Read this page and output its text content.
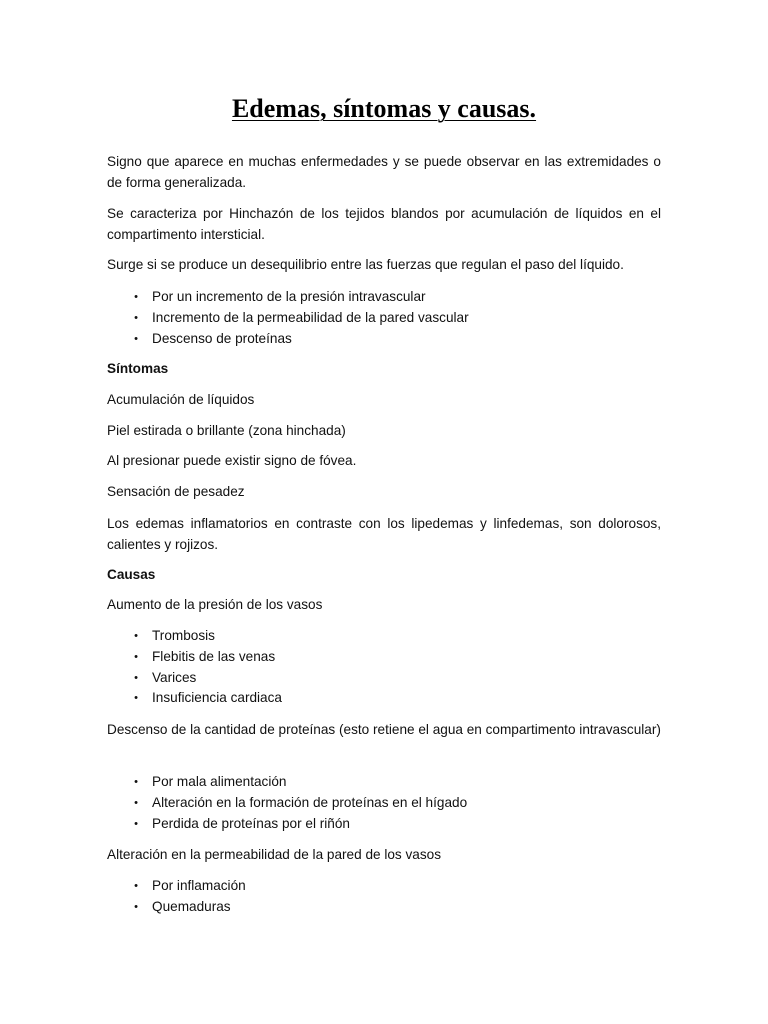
Edemas, síntomas y causas.

Signo que aparece en muchas enfermedades y se puede observar en las extremidades o de forma generalizada.

Se caracteriza por Hinchazón de los tejidos blandos por acumulación de líquidos en el compartimento intersticial.

Surge si se produce un desequilibrio entre las fuerzas que regulan el paso del líquido.

• Por un incremento de la presión intravascular
• Incremento de la permeabilidad de la pared vascular
• Descenso de proteínas

Síntomas

Acumulación de líquidos

Piel estirada o brillante (zona hinchada)

Al presionar puede existir signo de fóvea.

Sensación de pesadez

Los edemas inflamatorios en contraste con los lipedemas y linfedemas, son dolorosos, calientes y rojizos.

Causas

Aumento de la presión de los vasos

• Trombosis
• Flebitis de las venas
• Varices
• Insuficiencia cardiaca

Descenso de la cantidad de proteínas (esto retiene el agua en compartimento intravascular)

• Por mala alimentación
• Alteración en la formación de proteínas en el hígado
• Perdida de proteínas por el riñón

Alteración en la permeabilidad de la pared de los vasos

• Por inflamación
• Quemaduras
